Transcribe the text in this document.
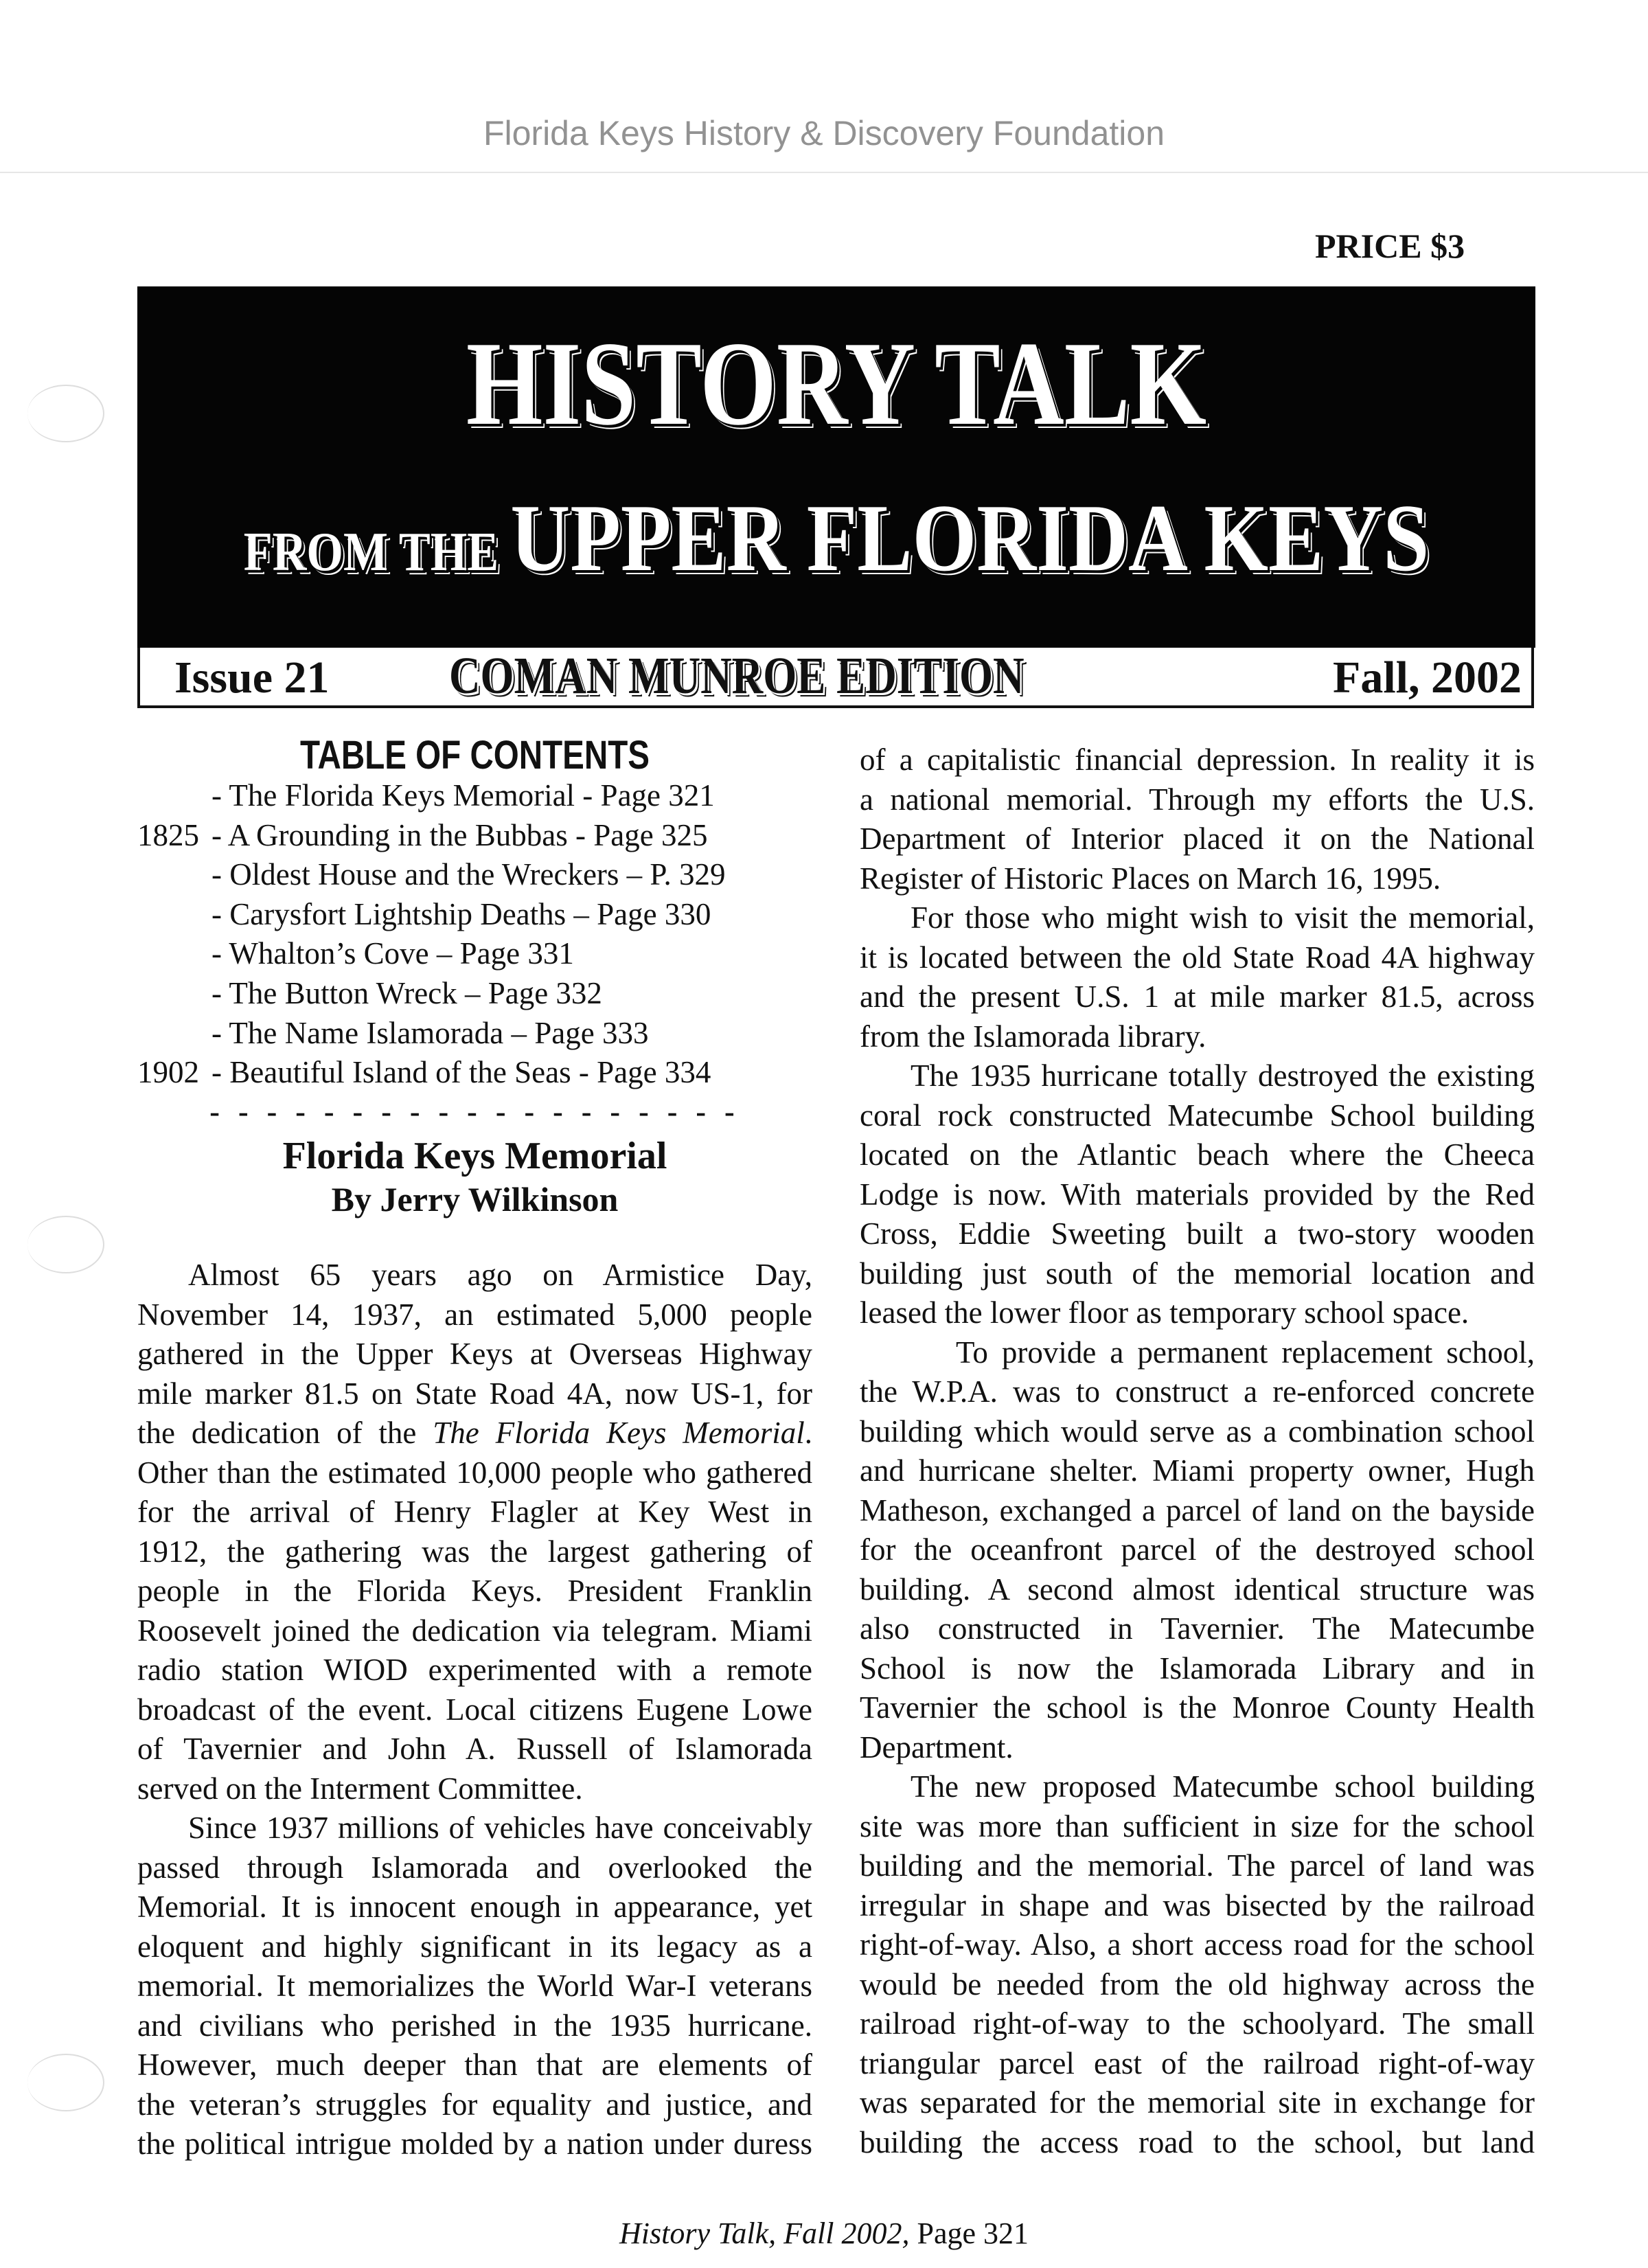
Florida Keys History & Discovery Foundation
PRICE $3
HISTORY TALK
FROM THE UPPER FLORIDA KEYS
Issue 21 COMAN MUNROE EDITION	Fall, 2002
TABLE OF CONTENTS
- The Florida Keys Memorial - Page 321
1825 - A Grounding in the Bubbas - Page 325
- Oldest House and the Wreckers – P. 329
- Carysfort Lightship Deaths – Page 330
- Whalton’s Cove – Page 331
- The Button Wreck – Page 332
- The Name Islamorada – Page 333
1902 - Beautiful Island of the Seas - Page 334
- - - - - - - - - - - - - - - - - - -
Florida Keys Memorial
By Jerry Wilkinson
Almost 65 years ago on Armistice Day,
November 14, 1937, an estimated 5,000 people
gathered in the Upper Keys at Overseas Highway
mile marker 81.5 on State Road 4A, now US-1, for
the dedication of the The Florida Keys Memorial.
Other than the estimated 10,000 people who gathered
for the arrival of Henry Flagler at Key West in
1912, the gathering was the largest gathering of
people in the Florida Keys. President Franklin
Roosevelt joined the dedication via telegram. Miami
radio station WIOD experimented with a remote
broadcast of the event. Local citizens Eugene Lowe
of Tavernier and John A. Russell of Islamorada
served on the Interment Committee.
Since 1937 millions of vehicles have conceivably
passed through Islamorada and overlooked the
Memorial. It is innocent enough in appearance, yet
eloquent and highly significant in its legacy as a
memorial. It memorializes the World War-I veterans
and civilians who perished in the 1935 hurricane.
However, much deeper than that are elements of
the veteran’s struggles for equality and justice, and
the political intrigue molded by a nation under duress
of a capitalistic financial depression. In reality it is
a national memorial. Through my efforts the U.S.
Department of Interior placed it on the National
Register of Historic Places on March 16, 1995.
For those who might wish to visit the memorial,
it is located between the old State Road 4A highway
and the present U.S. 1 at mile marker 81.5, across
from the Islamorada library.
The 1935 hurricane totally destroyed the existing
coral rock constructed Matecumbe School building
located on the Atlantic beach where the Cheeca
Lodge is now. With materials provided by the Red
Cross, Eddie Sweeting built a two-story wooden
building just south of the memorial location and
leased the lower floor as temporary school space.
To provide a permanent replacement school,
the W.P.A. was to construct a re-enforced concrete
building which would serve as a combination school
and hurricane shelter. Miami property owner, Hugh
Matheson, exchanged a parcel of land on the bayside
for the oceanfront parcel of the destroyed school
building. A second almost identical structure was
also constructed in Tavernier. The Matecumbe
School is now the Islamorada Library and in
Tavernier the school is the Monroe County Health
Department.
The new proposed Matecumbe school building
site was more than sufficient in size for the school
building and the memorial. The parcel of land was
irregular in shape and was bisected by the railroad
right-of-way. Also, a short access road for the school
would be needed from the old highway across the
railroad right-of-way to the schoolyard. The small
triangular parcel east of the railroad right-of-way
was separated for the memorial site in exchange for
building the access road to the school, but land
History Talk, Fall 2002, Page 321
